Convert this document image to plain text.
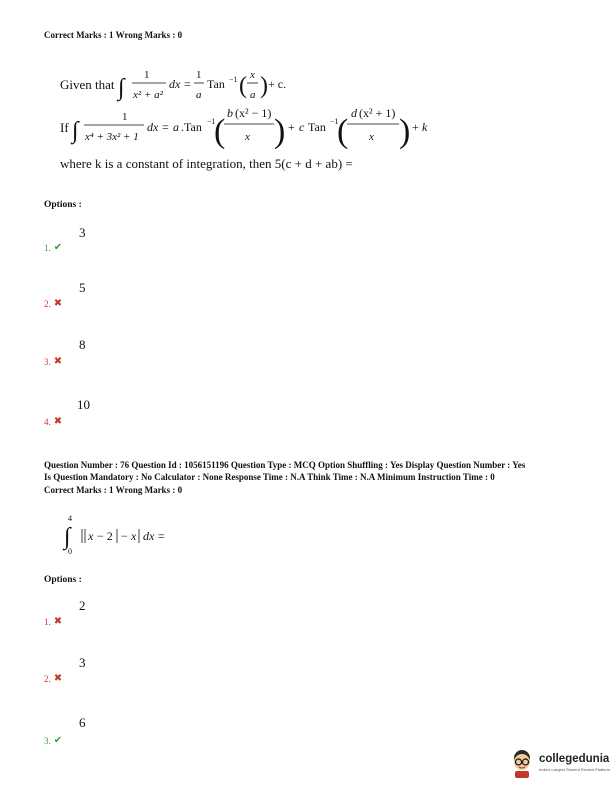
Correct Marks : 1 Wrong Marks : 0
Given that ∫ 1
x² + a²
dx =
1
a
Tan −1 ( x
a ) + c.
If ∫
1
x⁴ + 3x² + 1
dx = a .Tan −1
( b (x² − 1)
x ) + c Tan −1
( d (x² + 1)
x ) + k
where k is a constant of integration, then 5(c + d + ab) =
Options :
3
1. ✔
5
2. ✖
8
3. ✖
10
4. ✖
Question Number : 76 Question Id : 1056151196 Question Type : MCQ Option Shuffling : Yes Display Question Number : Yes
Is Question Mandatory : No Calculator : None Response Time : N.A Think Time : N.A Minimum Instruction Time : 0
Correct Marks : 1 Wrong Marks : 0
4
∫
0
x − 2 − x dx =
Options :
2
1. ✖
3
2. ✖
6
3. ✔
collegedunia
India's Largest Student Review Platform
